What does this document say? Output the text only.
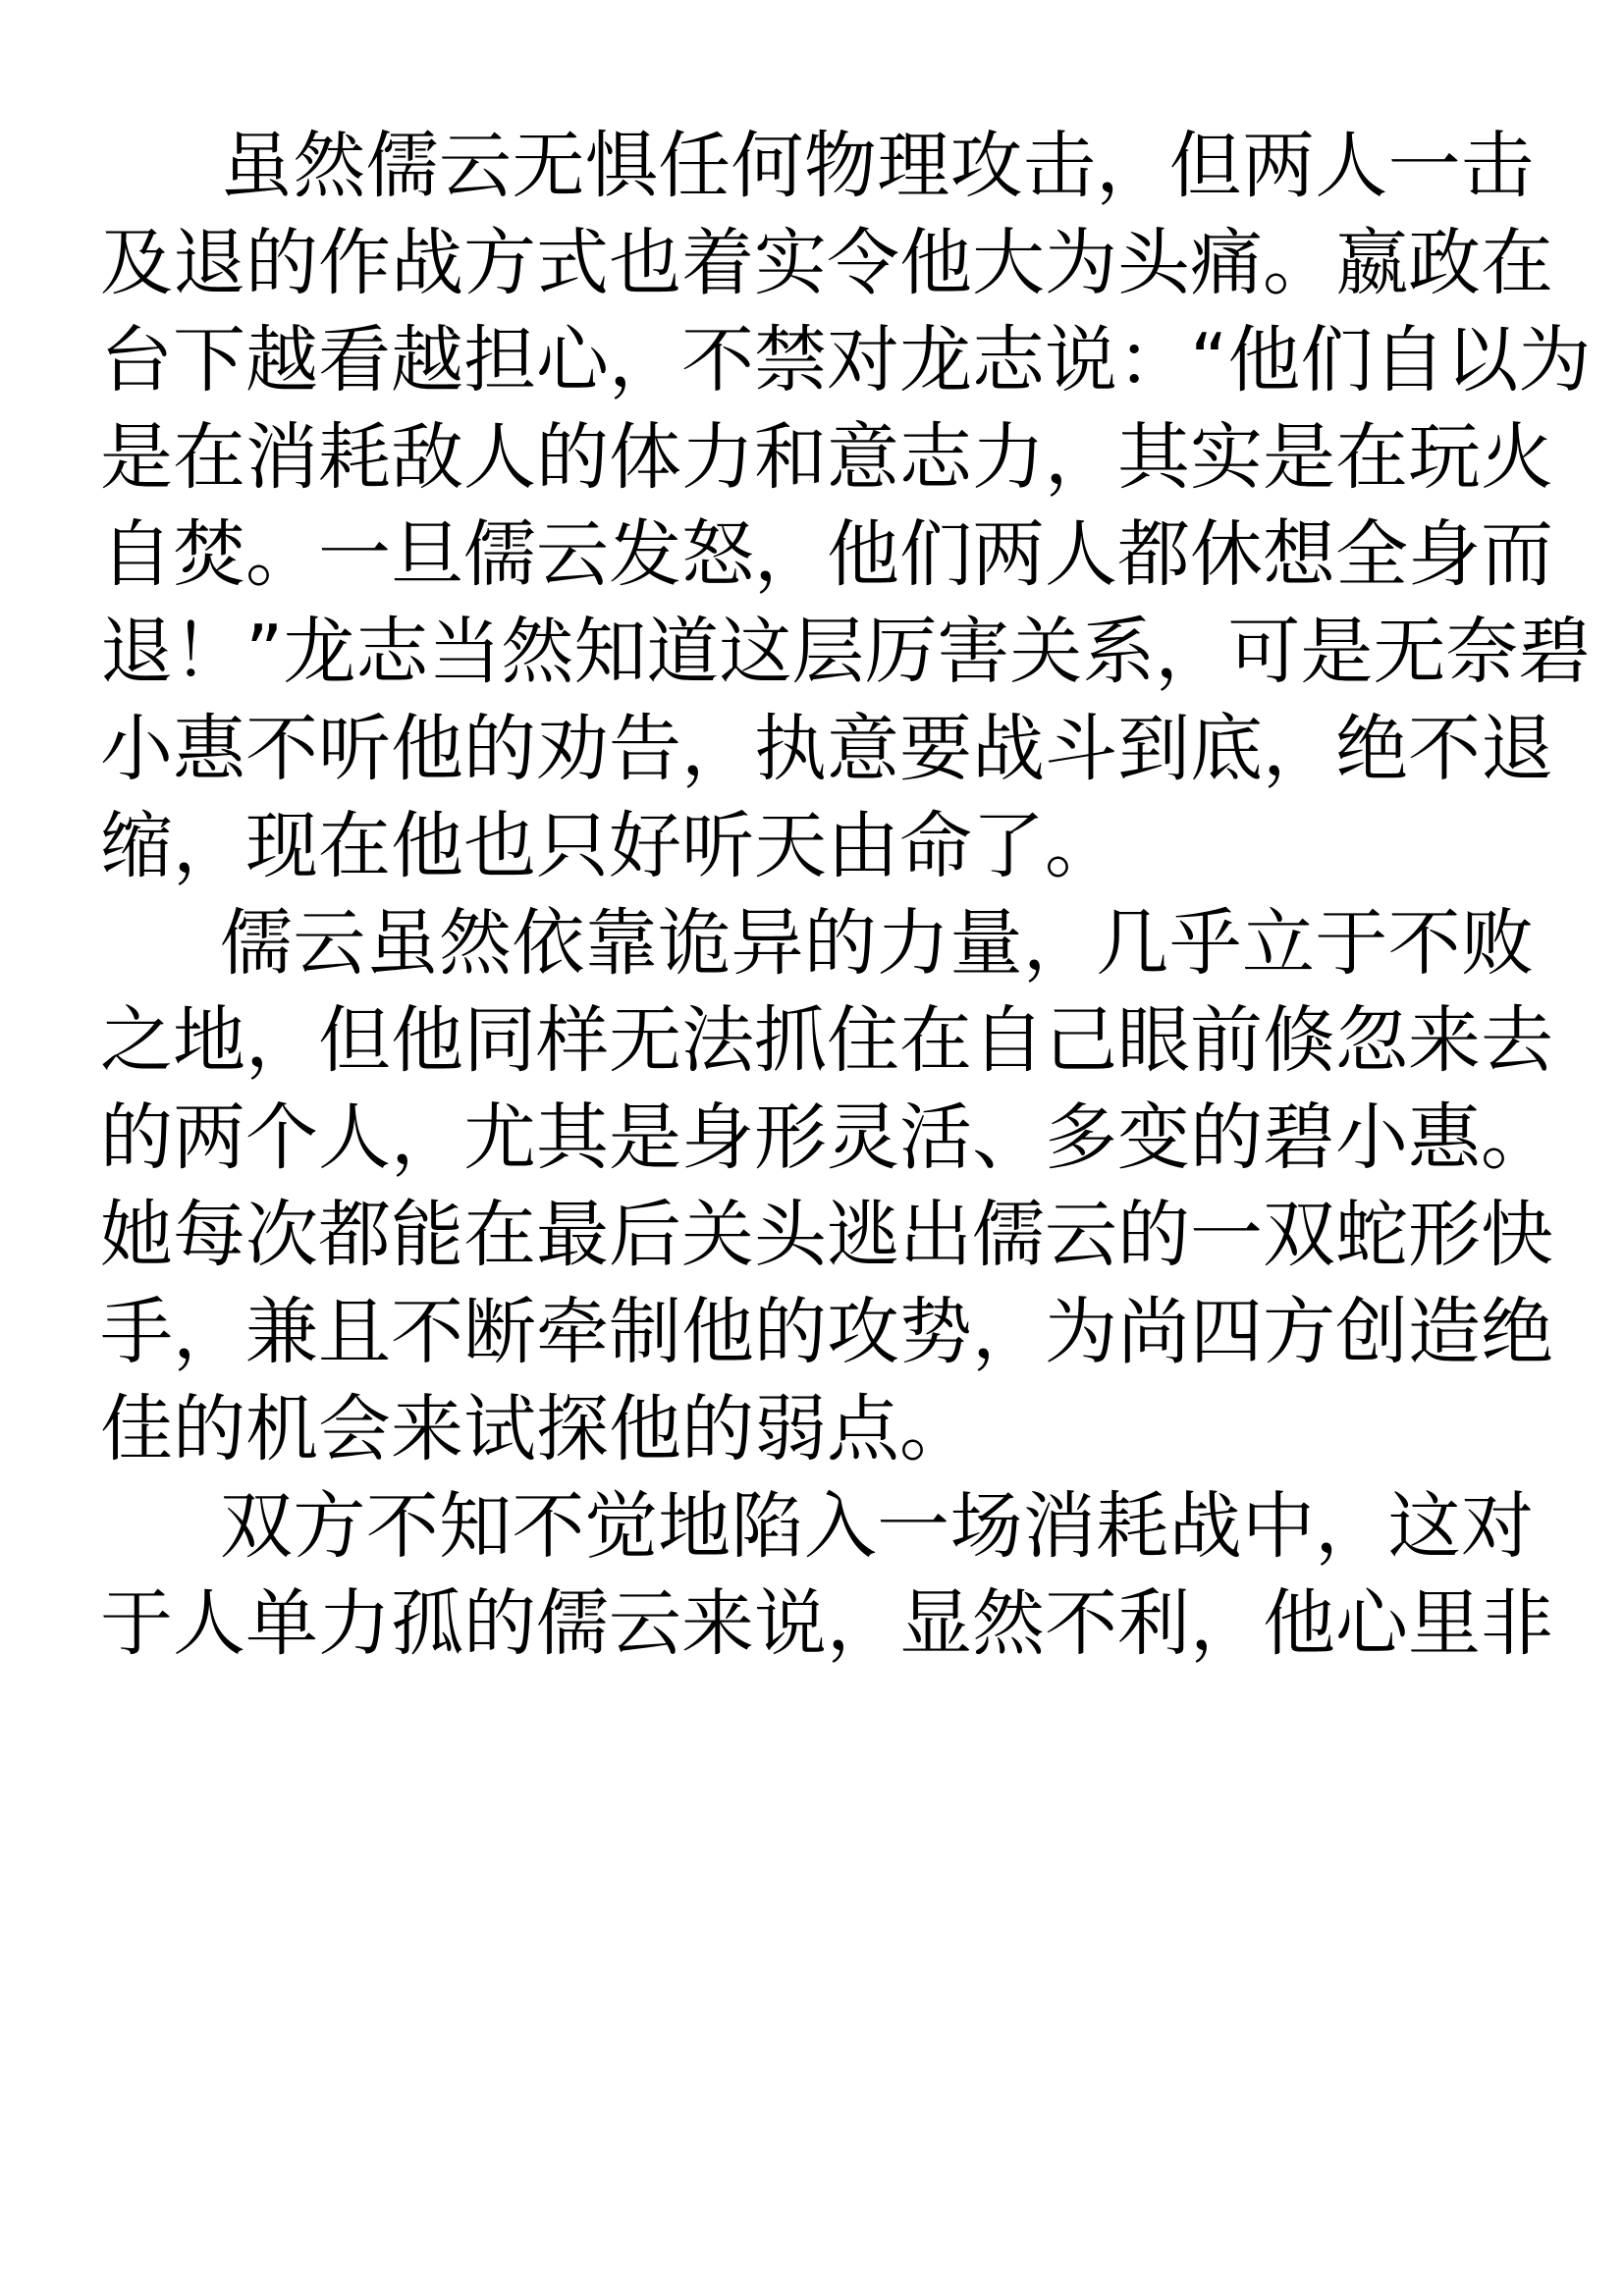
虽然儒云无惧任何物理攻击，但两人一击
及退的作战方式也着实令他大为头痛。嬴政在
台下越看越担心，不禁对龙志说：“他们自以为
是在消耗敌人的体力和意志力，其实是在玩火
自焚。一旦儒云发怒，他们两人都休想全身而
退！”龙志当然知道这层厉害关系，可是无奈碧
小惠不听他的劝告，执意要战斗到底，绝不退
缩，现在他也只好听天由命了。
儒云虽然依靠诡异的力量，几乎立于不败
之地，但他同样无法抓住在自己眼前倏忽来去
的两个人，尤其是身形灵活、多变的碧小惠。
她每次都能在最后关头逃出儒云的一双蛇形快
手，兼且不断牵制他的攻势，为尚四方创造绝
佳的机会来试探他的弱点。
双方不知不觉地陷入一场消耗战中，这对
于人单力孤的儒云来说，显然不利，他心里非
